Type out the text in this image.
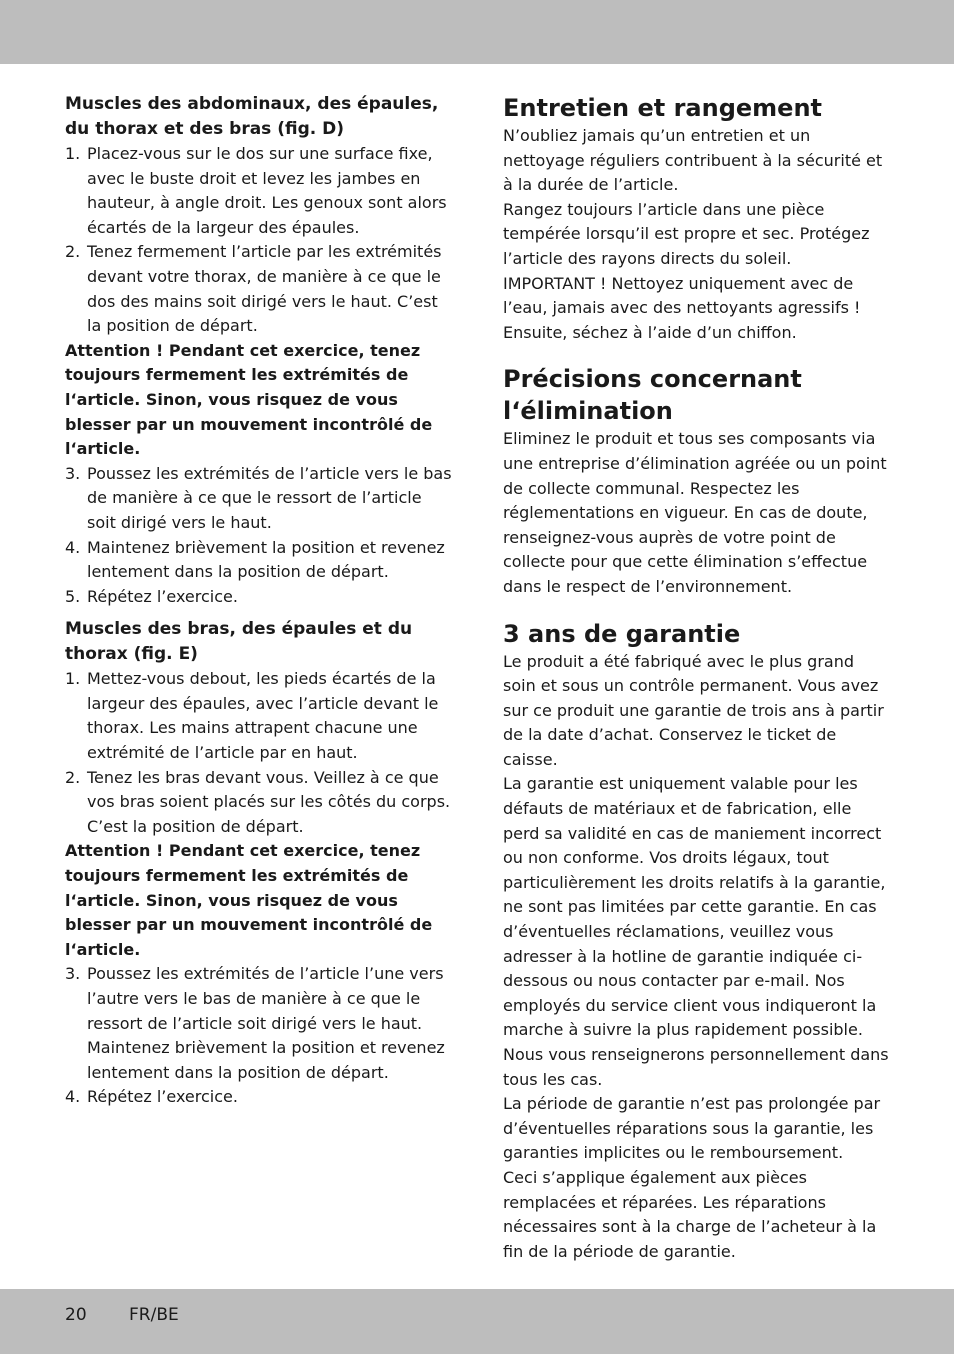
Muscles des abdominaux, des épaules, du thorax et des bras (fig. D)

1. Placez-vous sur le dos sur une surface fixe, avec le buste droit et levez les jambes en hauteur, à angle droit. Les genoux sont alors écartés de la largeur des épaules.
2. Tenez fermement l’article par les extrémités devant votre thorax, de manière à ce que le dos des mains soit dirigé vers le haut. C’est la position de départ.

Attention ! Pendant cet exercice, tenez toujours fermement les extrémités de l‘article. Sinon, vous risquez de vous blesser par un mouvement incontrôlé de l‘article.

3. Poussez les extrémités de l’article vers le bas de manière à ce que le ressort de l’article soit dirigé vers le haut.
4. Maintenez brièvement la position et revenez lentement dans la position de départ.
5. Répétez l’exercice.

Muscles des bras, des épaules et du thorax (fig. E)

1. Mettez-vous debout, les pieds écartés de la largeur des épaules, avec l’article devant le thorax. Les mains attrapent chacune une extrémité de l’article par en haut.
2. Tenez les bras devant vous. Veillez à ce que vos bras soient placés sur les côtés du corps. C’est la position de départ.

Attention ! Pendant cet exercice, tenez toujours fermement les extrémités de l‘article. Sinon, vous risquez de vous blesser par un mouvement incontrôlé de l‘article.

3. Poussez les extrémités de l’article l’une vers l’autre vers le bas de manière à ce que le ressort de l’article soit dirigé vers le haut. Maintenez brièvement la position et revenez lentement dans la position de départ.
4. Répétez l’exercice.
Entretien et rangement

N’oubliez jamais qu’un entretien et un nettoyage réguliers contribuent à la sécurité et à la durée de l’article.

Rangez toujours l’article dans une pièce tempérée lorsqu’il est propre et sec. Protégez l’article des rayons directs du soleil.

IMPORTANT ! Nettoyez uniquement avec de l’eau, jamais avec des nettoyants agressifs ! Ensuite, séchez à l’aide d’un chiffon.

Précisions concernant l‘élimination

Eliminez le produit et tous ses composants via une entreprise d’élimination agréée ou un point de collecte communal. Respectez les réglementations en vigueur. En cas de doute, renseignez-vous auprès de votre point de collecte pour que cette élimination s’effectue dans le respect de l’environnement.

3 ans de garantie

Le produit a été fabriqué avec le plus grand soin et sous un contrôle permanent. Vous avez sur ce produit une garantie de trois ans à partir de la date d’achat. Conservez le ticket de caisse.

La garantie est uniquement valable pour les défauts de matériaux et de fabrication, elle perd sa validité en cas de maniement incorrect ou non conforme. Vos droits légaux, tout particulièrement les droits relatifs à la garantie, ne sont pas limitées par cette garantie. En cas d’éventuelles réclamations, veuillez vous adresser à la hotline de garantie indiquée ci-dessous ou nous contacter par e-mail. Nos employés du service client vous indiqueront la marche à suivre la plus rapidement possible. Nous vous renseignerons personnellement dans tous les cas.

La période de garantie n’est pas prolongée par d’éventuelles réparations sous la garantie, les garanties implicites ou le remboursement.

Ceci s’applique également aux pièces remplacées et réparées. Les réparations nécessaires sont à la charge de l’acheteur à la fin de la période de garantie.

20 FR/BE
